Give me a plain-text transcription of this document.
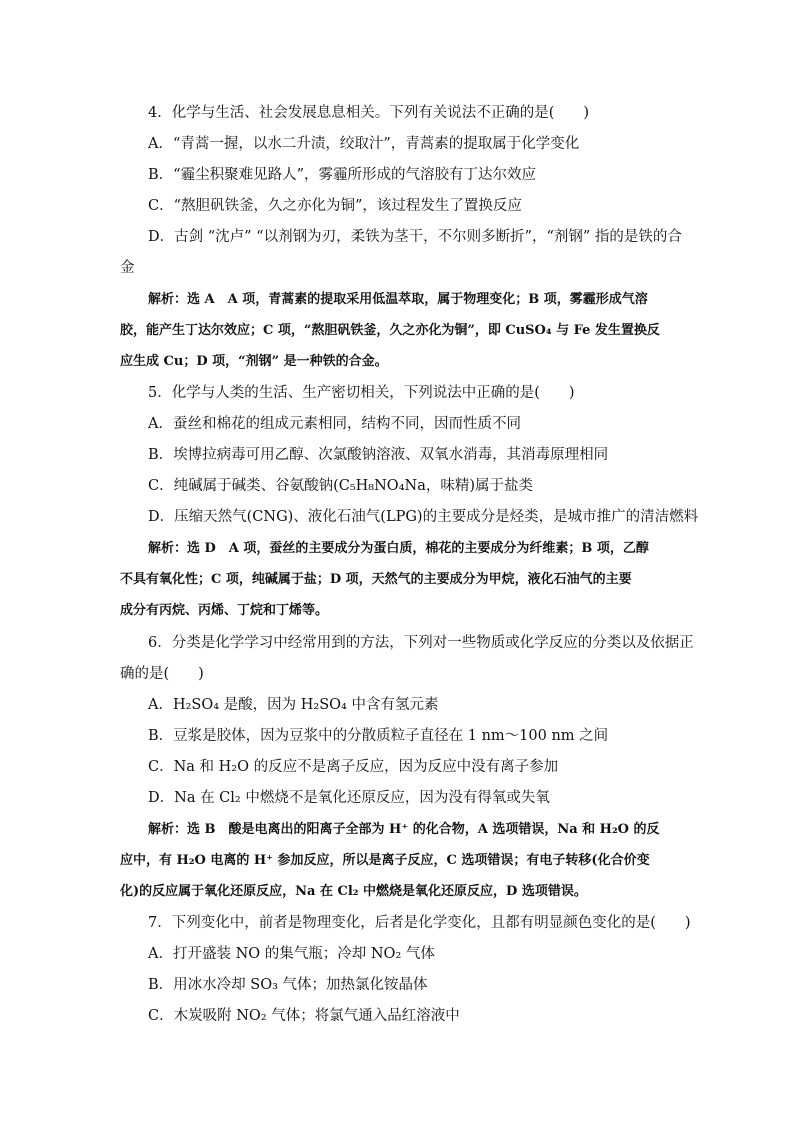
4．化学与生活、社会发展息息相关。下列有关说法不正确的是(　　)
A．“青蒿一握，以水二升渍，绞取汁”，青蒿素的提取属于化学变化
B．“霾尘积聚难见路人”，雾霾所形成的气溶胶有丁达尔效应
C．“熬胆矾铁釜，久之亦化为铜”，该过程发生了置换反应
D．古剑 “沈卢” “以剂钢为刃，柔铁为茎干，不尔则多断折”，“剂钢” 指的是铁的合
金
解析：选 A　A 项，青蒿素的提取采用低温萃取，属于物理变化；B 项，雾霾形成气溶
胶，能产生丁达尔效应；C 项，“熬胆矾铁釜，久之亦化为铜”，即 CuSO₄ 与 Fe 发生置换反
应生成 Cu；D 项，“剂钢” 是一种铁的合金。
5．化学与人类的生活、生产密切相关，下列说法中正确的是(　　)
A．蚕丝和棉花的组成元素相同，结构不同，因而性质不同
B．埃博拉病毒可用乙醇、次氯酸钠溶液、双氧水消毒，其消毒原理相同
C．纯碱属于碱类、谷氨酸钠(C₅H₈NO₄Na，味精)属于盐类
D．压缩天然气(CNG)、液化石油气(LPG)的主要成分是烃类，是城市推广的清洁燃料
解析：选 D　A 项，蚕丝的主要成分为蛋白质，棉花的主要成分为纤维素；B 项，乙醇
不具有氧化性；C 项，纯碱属于盐；D 项，天然气的主要成分为甲烷，液化石油气的主要
成分有丙烷、丙烯、丁烷和丁烯等。
6．分类是化学学习中经常用到的方法，下列对一些物质或化学反应的分类以及依据正
确的是(　　)
A．H₂SO₄ 是酸，因为 H₂SO₄ 中含有氢元素
B．豆浆是胶体，因为豆浆中的分散质粒子直径在 1 nm～100 nm 之间
C．Na 和 H₂O 的反应不是离子反应，因为反应中没有离子参加
D．Na 在 Cl₂ 中燃烧不是氧化还原反应，因为没有得氧或失氧
解析：选 B　酸是电离出的阳离子全部为 H⁺ 的化合物，A 选项错误，Na 和 H₂O 的反
应中，有 H₂O 电离的 H⁺ 参加反应，所以是离子反应，C 选项错误；有电子转移(化合价变
化)的反应属于氧化还原反应，Na 在 Cl₂ 中燃烧是氧化还原反应，D 选项错误。
7．下列变化中，前者是物理变化，后者是化学变化，且都有明显颜色变化的是(　　)
A．打开盛装 NO 的集气瓶；冷却 NO₂ 气体
B．用冰水冷却 SO₃ 气体；加热氯化铵晶体
C．木炭吸附 NO₂ 气体；将氯气通入品红溶液中
